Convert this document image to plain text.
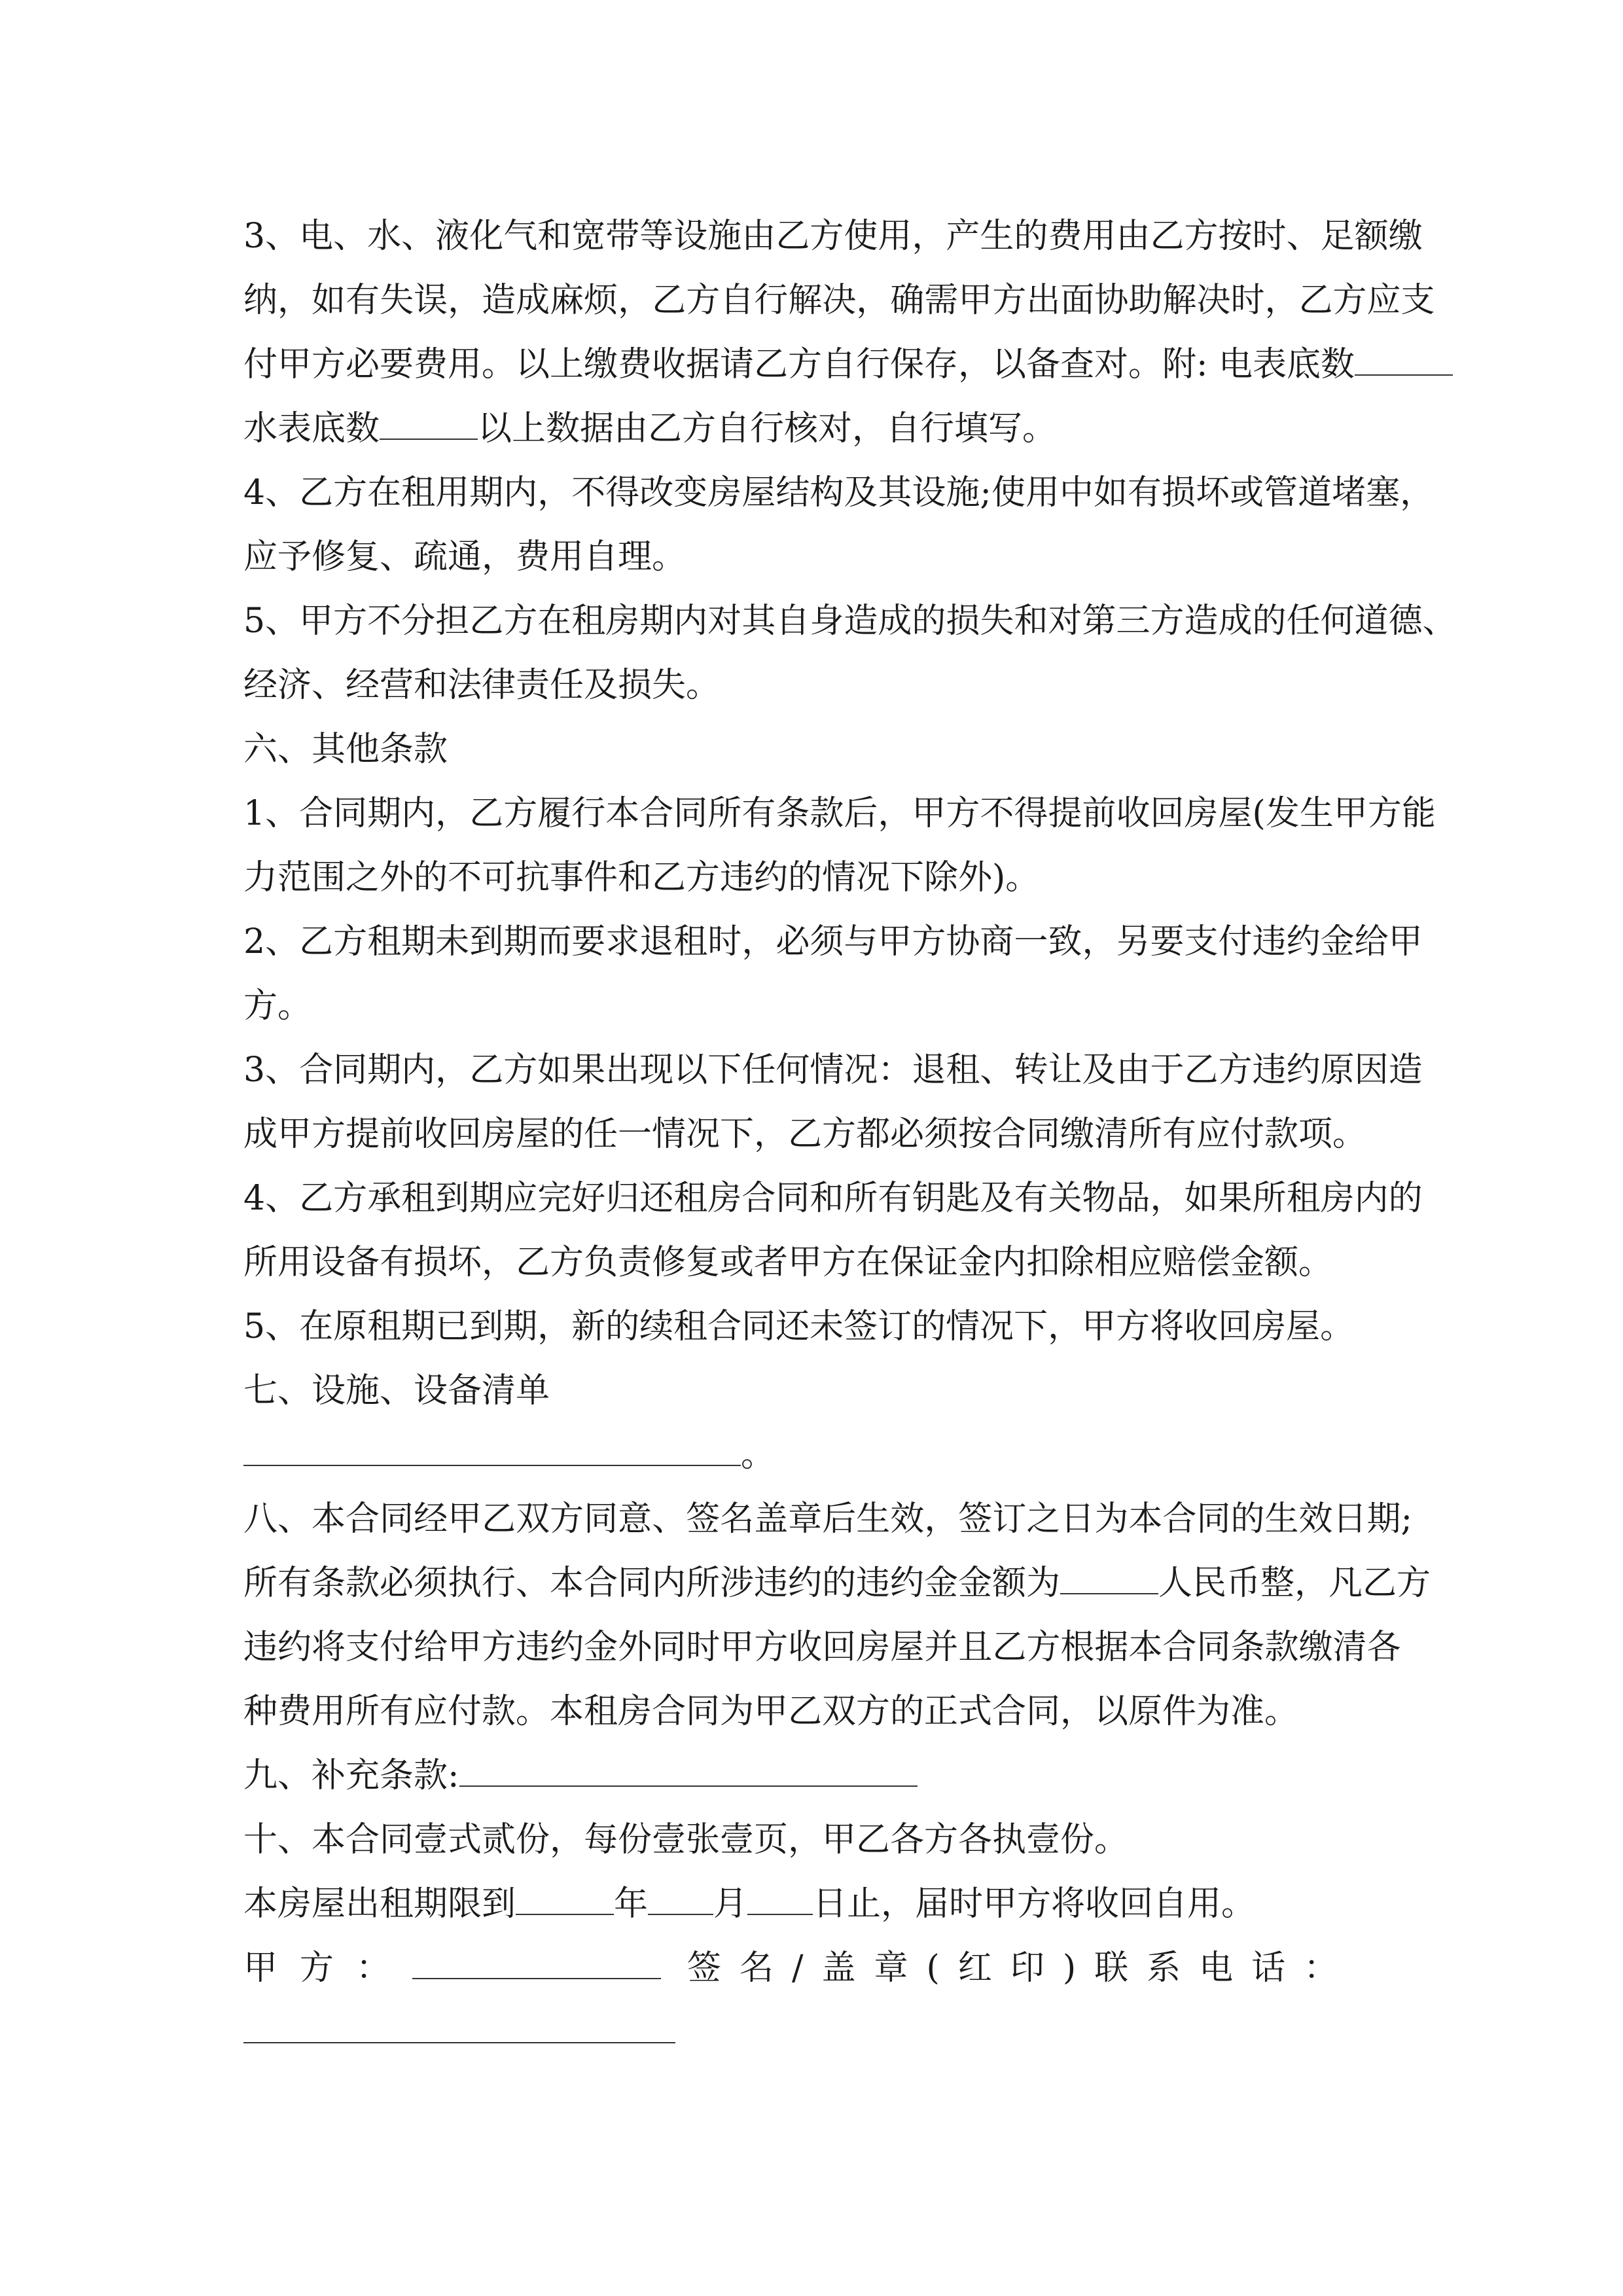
3 、 电 、 水 、 液 化 气 和 宽 带 等 设 施 由 乙 方 使 用 ， 产 生 的 费 用 由 乙 方 按 时 、 足 额 缴
纳 ， 如 有 失 误 ， 造 成 麻 烦 ， 乙 方 自 行 解 决 ， 确 需 甲 方 出 面 协 助 解 决 时 ， 乙 方 应 支
付甲方必要费用。以上缴费收据请乙方自行保存，以备查对。附: 电表底数
水表底数	以上数据由乙方自行核对，自行填写。
4 、 乙 方 在 租 用 期 内 ， 不 得 改 变 房 屋 结 构 及 其 设 施 ; 使 用 中 如 有 损 坏 或 管 道 堵 塞 ，
应予修复、疏通，费用自理。
5 、 甲 方 不 分 担 乙 方 在 租 房 期 内 对 其 自 身 造 成 的 损 失 和 对 第 三 方 造 成 的 任 何 道 德 、
经济、经营和法律责任及损失。
六、其他条款
1 、 合 同 期 内 ， 乙 方 履 行 本 合 同 所 有 条 款 后 ， 甲 方 不 得 提 前 收 回 房 屋 ( 发 生 甲 方 能
力范围之外的不可抗事件和乙方违约的情况下除外)。
2 、 乙 方 租 期 未 到 期 而 要 求 退 租 时 ， 必 须 与 甲 方 协 商 一 致 ， 另 要 支 付 违 约 金 给 甲
方。
3 、 合 同 期 内 ， 乙 方 如 果 出 现 以 下 任 何 情 况 ： 退 租 、 转 让 及 由 于 乙 方 违 约 原 因 造
成甲方提前收回房屋的任一情况下，乙方都必须按合同缴清所有应付款项。
4 、 乙 方 承 租 到 期 应 完 好 归 还 租 房 合 同 和 所 有 钥 匙 及 有 关 物 品 ， 如 果 所 租 房 内 的
所用设备有损坏，乙方负责修复或者甲方在保证金内扣除相应赔偿金额。
5、在原租期已到期，新的续租合同还未签订的情况下，甲方将收回房屋。
七、设施、设备清单
。
八 、 本 合 同 经 甲 乙 双 方 同 意 、 签 名 盖 章 后 生 效 ， 签 订 之 日 为 本 合 同 的 生 效 日 期 ;
所有条款必须执行、本合同内所涉违约的违约金金额为	人民币整，凡乙方
违 约 将 支 付 给 甲 方 违 约 金 外 同 时 甲 方 收 回 房 屋 并 且 乙 方 根 据 本 合 同 条 款 缴 清 各
种费用所有应付款。本租房合同为甲乙双方的正式合同，以原件为准。
九、补充条款:
十、本合同壹式贰份，每份壹张壹页，甲乙各方各执壹份。
本房屋出租期限到	年 月 日止，届时甲方将收回自用。
甲方：	签名/盖章(红印)联系电话：
